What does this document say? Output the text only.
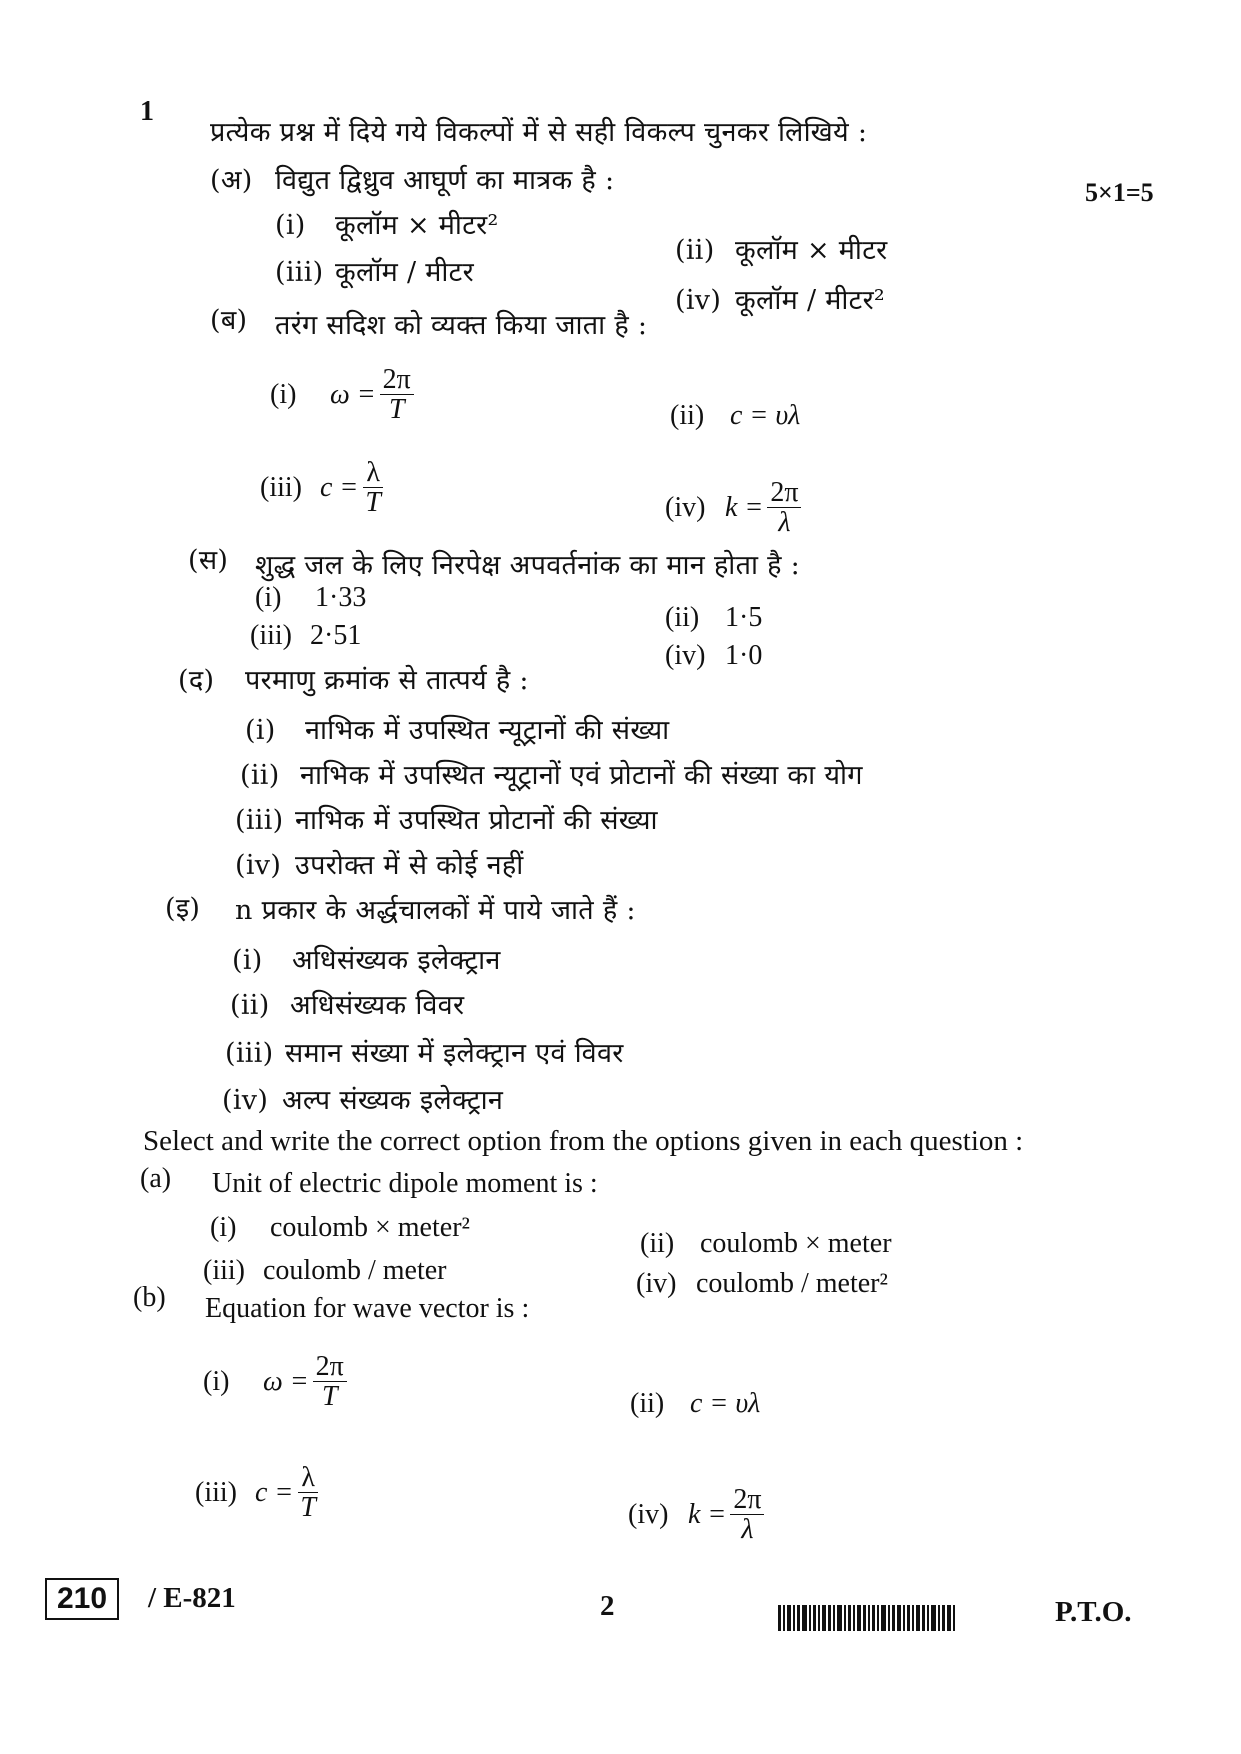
1
प्रत्येक प्रश्न में दिये गये विकल्पों में से सही विकल्प चुनकर लिखिये :
5×1=5
(अ) विद्युत द्विध्रुव आघूर्ण का मात्रक है :
(i) कूलॉम × मीटर²
(ii) कूलॉम × मीटर
(iii) कूलॉम / मीटर
(iv) कूलॉम / मीटर²
(ब) तरंग सदिश को व्यक्त किया जाता है :
(i)	$\omega = \frac{2\pi}{T}$	(ii) c = υλ
(iii) $c = \frac{\lambda}{T}$	(iv) $k = \frac{2\pi}{\lambda}$
(स) शुद्ध जल के लिए निरपेक्ष अपवर्तनांक का मान होता है :
(i) 1·33
(ii) 1·5
(iii) 2·51
(iv) 1·0
(द) परमाणु क्रमांक से तात्पर्य है :
(i) नाभिक में उपस्थित न्यूट्रानों की संख्या
(ii) नाभिक में उपस्थित न्यूट्रानों एवं प्रोटानों की संख्या का योग
(iii) नाभिक में उपस्थित प्रोटानों की संख्या
(iv) उपरोक्त में से कोई नहीं
(इ) n प्रकार के अर्द्धचालकों में पाये जाते हैं :
(i) अधिसंख्यक इलेक्ट्रान
(ii) अधिसंख्यक विवर
(iii) समान संख्या में इलेक्ट्रान एवं विवर
(iv) अल्प संख्यक इलेक्ट्रान
Select and write the correct option from the options given in each question :
(a) Unit of electric dipole moment is :
(i) coulomb × meter²
(ii) coulomb × meter
(iii) coulomb / meter	(iv) coulomb / meter²
(b) Equation for wave vector is :
(i)	$\omega = \frac{2\pi}{T}$	(ii) c = υλ
(iii) $c = \frac{\lambda}{T}$	(iv) $k = \frac{2\pi}{\lambda}$
210	/ E-821	2	P.T.O.
